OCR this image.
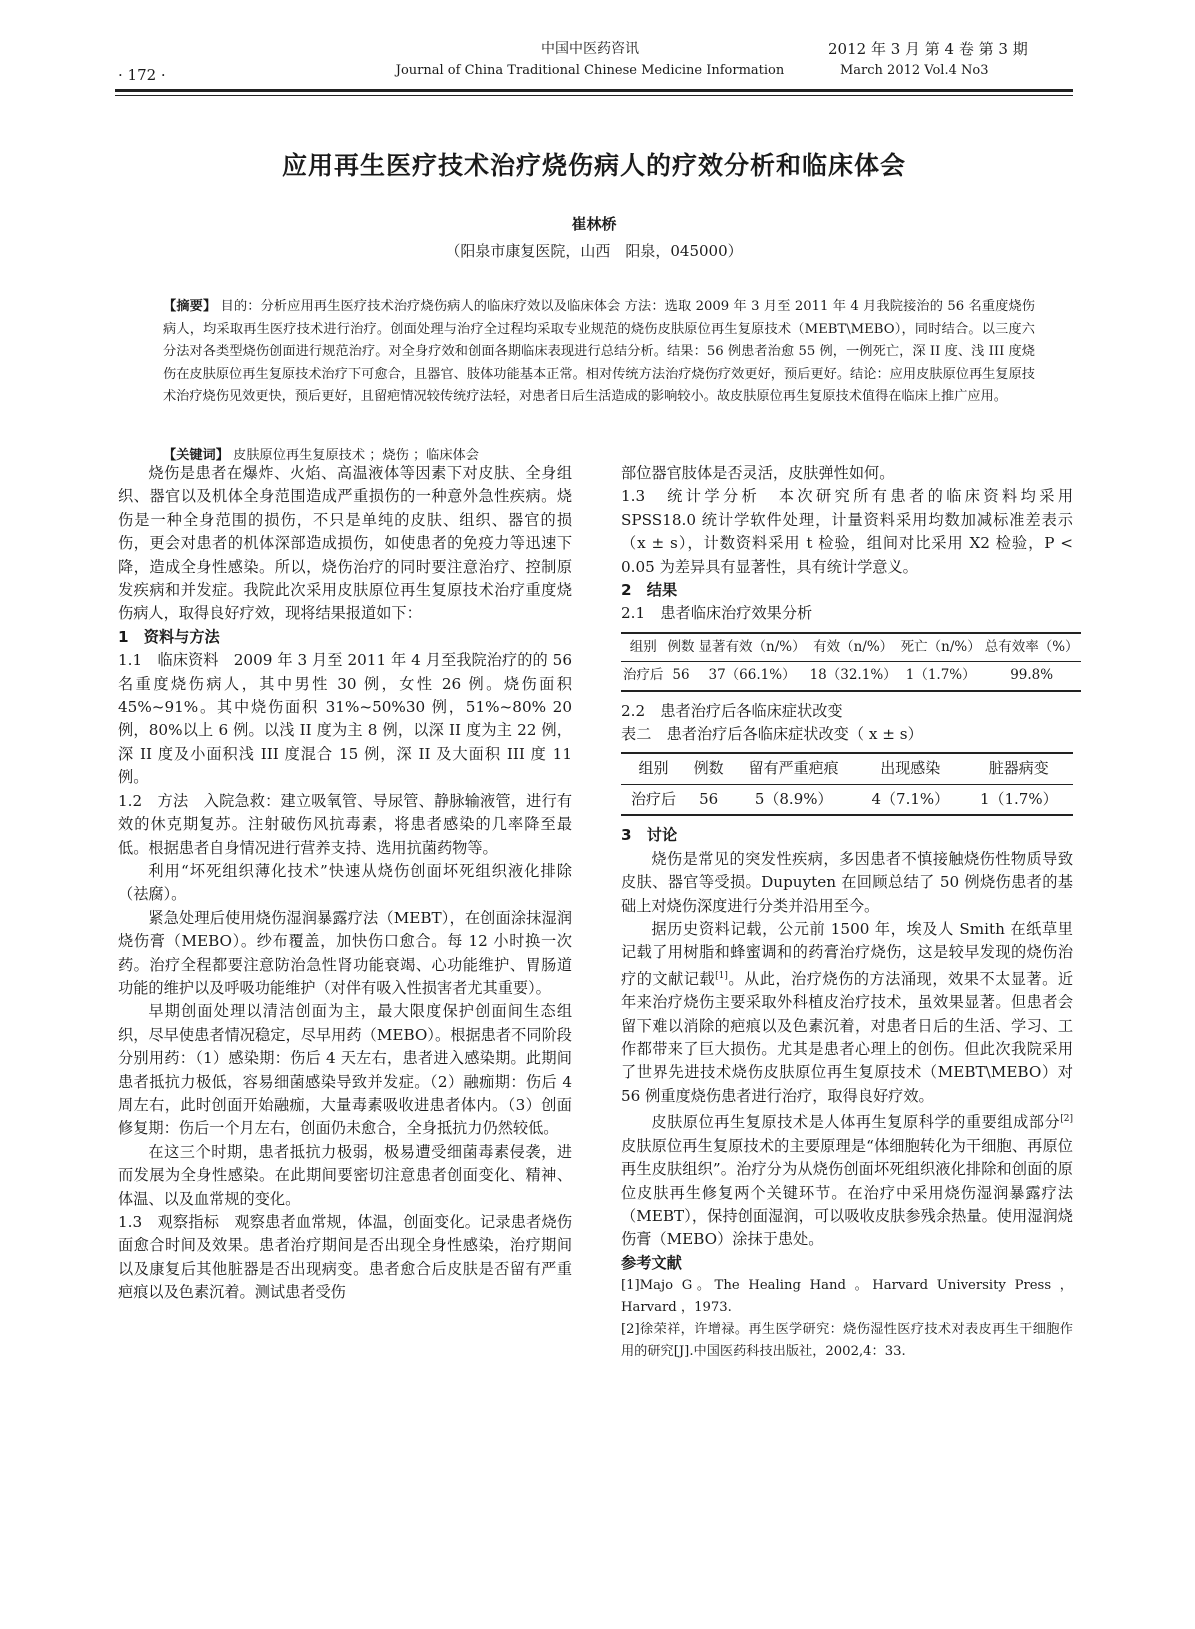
· 172 ·
中国中医药咨讯
Journal of China Traditional Chinese Medicine Information
2012 年 3 月 第 4 卷 第 3 期
March 2012 Vol.4 No3
应用再生医疗技术治疗烧伤病人的疗效分析和临床体会
崔林桥
（阳泉市康复医院，山西　阳泉，045000）
【摘要】 目的：分析应用再生医疗技术治疗烧伤病人的临床疗效以及临床体会 方法：选取 2009 年 3 月至 2011 年 4 月我院接治的 56 名重度烧伤病人，均采取再生医疗技术进行治疗。创面处理与治疗全过程均采取专业规范的烧伤皮肤原位再生复原技术（MEBT\MEBO），同时结合。以三度六分法对各类型烧伤创面进行规范治疗。对全身疗效和创面各期临床表现进行总结分析。结果：56 例患者治愈 55 例，一例死亡，深 II 度、浅 III 度烧伤在皮肤原位再生复原技术治疗下可愈合，且器官、肢体功能基本正常。相对传统方法治疗烧伤疗效更好，预后更好。结论：应用皮肤原位再生复原技术治疗烧伤见效更快，预后更好，且留疤情况较传统疗法轻，对患者日后生活造成的影响较小。故皮肤原位再生复原技术值得在临床上推广应用。
【关键词】 皮肤原位再生复原技术 ；烧伤 ；临床体会

烧伤是患者在爆炸、火焰、高温液体等因素下对皮肤、全身组织、器官以及机体全身范围造成严重损伤的一种意外急性疾病。烧伤是一种全身范围的损伤，不只是单纯的皮肤、组织、器官的损伤，更会对患者的机体深部造成损伤，如使患者的免疫力等迅速下降，造成全身性感染。所以，烧伤治疗的同时要注意治疗、控制原发疾病和并发症。我院此次采用皮肤原位再生复原技术治疗重度烧伤病人，取得良好疗效，现将结果报道如下：

1　资料与方法

1.1　临床资料　2009 年 3 月至 2011 年 4 月至我院治疗的的 56 名重度烧伤病人，其中男性 30 例，女性 26 例。烧伤面积 45%~91%。其中烧伤面积 31%~50%30 例，51%~80% 20 例，80%以上 6 例。以浅 II 度为主 8 例，以深 II 度为主 22 例，深 II 度及小面积浅 III 度混合 15 例，深 II 及大面积 III 度 11 例。

1.2　方法　入院急救：建立吸氧管、导尿管、静脉输液管，进行有效的休克期复苏。注射破伤风抗毒素，将患者感染的几率降至最低。根据患者自身情况进行营养支持、选用抗菌药物等。

利用“坏死组织薄化技术”快速从烧伤创面坏死组织液化排除（祛腐）。

紧急处理后使用烧伤湿润暴露疗法（MEBT），在创面涂抹湿润烧伤膏（MEBO）。纱布覆盖，加快伤口愈合。每 12 小时换一次药。治疗全程都要注意防治急性肾功能衰竭、心功能维护、胃肠道功能的维护以及呼吸功能维护（对伴有吸入性损害者尤其重要）。

早期创面处理以清洁创面为主，最大限度保护创面间生态组织，尽早使患者情况稳定，尽早用药（MEBO）。根据患者不同阶段分别用药：（1）感染期：伤后 4 天左右，患者进入感染期。此期间患者抵抗力极低，容易细菌感染导致并发症。（2）融痂期：伤后 4 周左右，此时创面开始融痂，大量毒素吸收进患者体内。（3）创面修复期：伤后一个月左右，创面仍未愈合，全身抵抗力仍然较低。

在这三个时期，患者抵抗力极弱，极易遭受细菌毒素侵袭，进而发展为全身性感染。在此期间要密切注意患者创面变化、精神、体温、以及血常规的变化。

1.3　观察指标　观察患者血常规，体温，创面变化。记录患者烧伤面愈合时间及效果。患者治疗期间是否出现全身性感染，治疗期间以及康复后其他脏器是否出现病变。患者愈合后皮肤是否留有严重疤痕以及色素沉着。测试患者受伤

部位器官肢体是否灵活，皮肤弹性如何。

1.3　统计学分析　本次研究所有患者的临床资料均采用 SPSS18.0 统计学软件处理，计量资料采用均数加减标准差表示（x ± s），计数资料采用 t 检验，组间对比采用 X2 检验，P < 0.05 为差异具有显著性，具有统计学意义。

2　结果

2.1　患者临床治疗效果分析

组别	例数	显著有效（n/%）	有效（n/%）	死亡（n/%）	总有效率（%）
治疗后	56	37（66.1%）	18（32.1%）	1（1.7%）	99.8%

2.2　患者治疗后各临床症状改变

表二　患者治疗后各临床症状改变（ x ± s）

组别	例数	留有严重疤痕	出现感染	脏器病变
治疗后	56	5（8.9%）	4（7.1%）	1（1.7%）

3　讨论

烧伤是常见的突发性疾病，多因患者不慎接触烧伤性物质导致皮肤、器官等受损。Dupuyten 在回顾总结了 50 例烧伤患者的基础上对烧伤深度进行分类并沿用至今。

据历史资料记载，公元前 1500 年，埃及人 Smith 在纸草里记载了用树脂和蜂蜜调和的药膏治疗烧伤，这是较早发现的烧伤治疗的文献记载[1]。从此，治疗烧伤的方法涌现，效果不太显著。近年来治疗烧伤主要采取外科植皮治疗技术，虽效果显著。但患者会留下难以消除的疤痕以及色素沉着，对患者日后的生活、学习、工作都带来了巨大损伤。尤其是患者心理上的创伤。但此次我院采用了世界先进技术烧伤皮肤原位再生复原技术（MEBT\MEBO）对 56 例重度烧伤患者进行治疗，取得良好疗效。

皮肤原位再生复原技术是人体再生复原科学的重要组成部分[2]皮肤原位再生复原技术的主要原理是“体细胞转化为干细胞、再原位再生皮肤组织”。治疗分为从烧伤创面坏死组织液化排除和创面的原位皮肤再生修复两个关键环节。在治疗中采用烧伤湿润暴露疗法（MEBT），保持创面湿润，可以吸收皮肤参残余热量。使用湿润烧伤膏（MEBO）涂抹于患处。

参考文献

[1]Majo G。The Healing Hand 。Harvard University Press ，Harvard ，1973.

[2]徐荣祥，许增禄。再生医学研究：烧伤湿性医疗技术对表皮再生干细胞作用的研究[J].中国医药科技出版社，2002,4：33.
